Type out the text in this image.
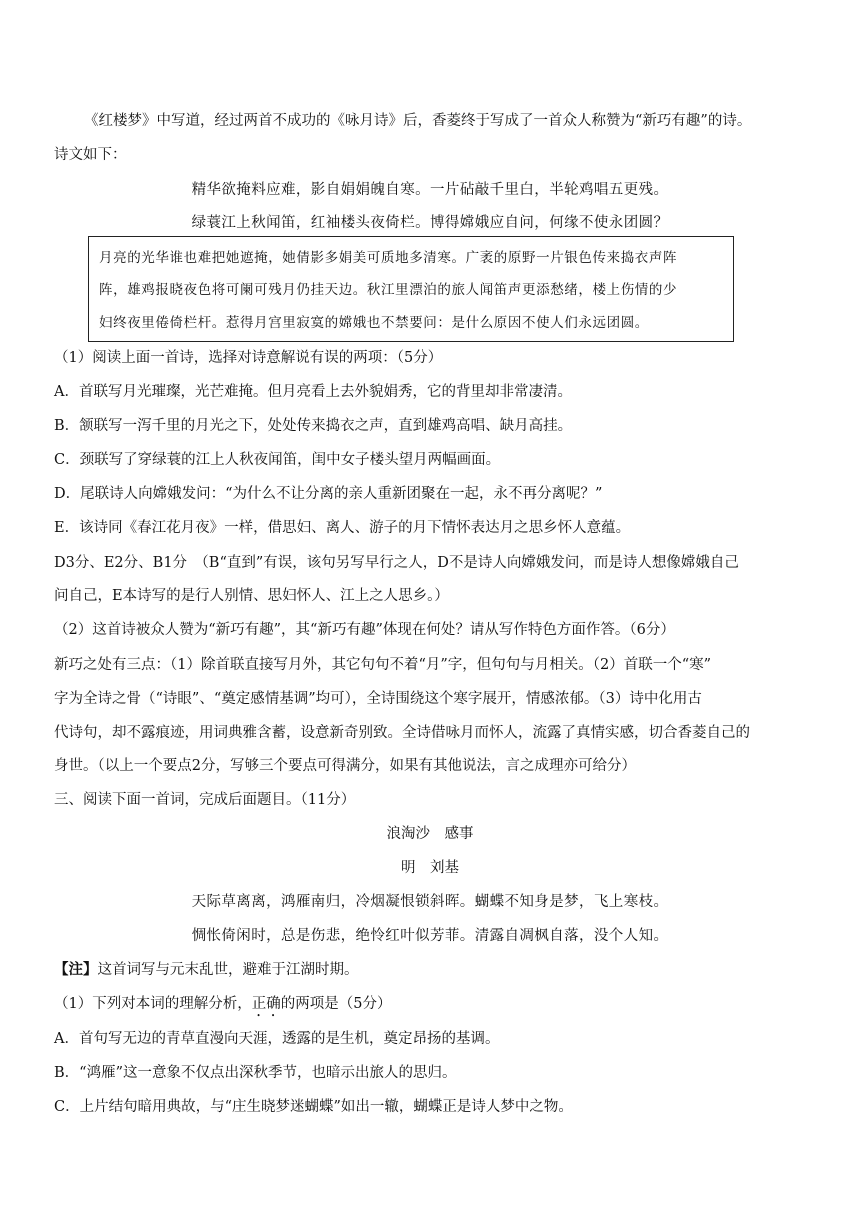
《红楼梦》中写道，经过两首不成功的《咏月诗》后，香菱终于写成了一首众人称赞为“新巧有趣”的诗。
诗文如下：
精华欲掩料应难，影自娟娟魄自寒。一片砧敲千里白，半轮鸡唱五更残。
绿蓑江上秋闻笛，红袖楼头夜倚栏。博得嫦娥应自问，何缘不使永团圆？
月亮的光华谁也难把她遮掩，她倩影多娟美可质地多清寒。广袤的原野一片银色传来捣衣声阵
阵，雄鸡报晓夜色将可阑可残月仍挂天边。秋江里漂泊的旅人闻笛声更添愁绪，楼上伤情的少
妇终夜里倦倚栏杆。惹得月宫里寂寞的嫦娥也不禁要问：是什么原因不使人们永远团圆。
（1）阅读上面一首诗，选择对诗意解说有误的两项：（5分）
A．首联写月光璀璨，光芒难掩。但月亮看上去外貌娟秀，它的背里却非常凄清。
B．颔联写一泻千里的月光之下，处处传来捣衣之声，直到雄鸡高唱、缺月高挂。
C．颈联写了穿绿蓑的江上人秋夜闻笛，闺中女子楼头望月两幅画面。
D．尾联诗人向嫦娥发问：“为什么不让分离的亲人重新团聚在一起，永不再分离呢？”
E．该诗同《春江花月夜》一样，借思妇、离人、游子的月下情怀表达月之思乡怀人意蕴。
D3分、E2分、B1分　（B“直到”有误，该句另写早行之人，D不是诗人向嫦娥发问，而是诗人想像嫦娥自己
问自己，E本诗写的是行人别情、思妇怀人、江上之人思乡。）
（2）这首诗被众人赞为“新巧有趣”，其“新巧有趣”体现在何处？请从写作特色方面作答。（6分）
新巧之处有三点：（1）除首联直接写月外，其它句句不着“月”字，但句句与月相关。（2）首联一个“寒”
字为全诗之骨（“诗眼”、“奠定感情基调”均可），全诗围绕这个寒字展开，情感浓郁。（3）诗中化用古
代诗句，却不露痕迹，用词典雅含蓄，设意新奇别致。全诗借咏月而怀人，流露了真情实感，切合香菱自己的
身世。（以上一个要点2分，写够三个要点可得满分，如果有其他说法，言之成理亦可给分）
三、阅读下面一首词，完成后面题目。（11分）
浪淘沙　感事
明　刘基
天际草离离，鸿雁南归，冷烟凝恨锁斜晖。蝴蝶不知身是梦，飞上寒枝。
惆怅倚闲时，总是伤悲，绝怜红叶似芳菲。清露自凋枫自落，没个人知。
【注】这首词写与元末乱世，避难于江湖时期。
（1）下列对本词的理解分析，正确的两项是（5分）
A．首句写无边的青草直漫向天涯，透露的是生机，奠定昂扬的基调。
B．“鸿雁”这一意象不仅点出深秋季节，也暗示出旅人的思归。
C．上片结句暗用典故，与“庄生晓梦迷蝴蝶”如出一辙，蝴蝶正是诗人梦中之物。
